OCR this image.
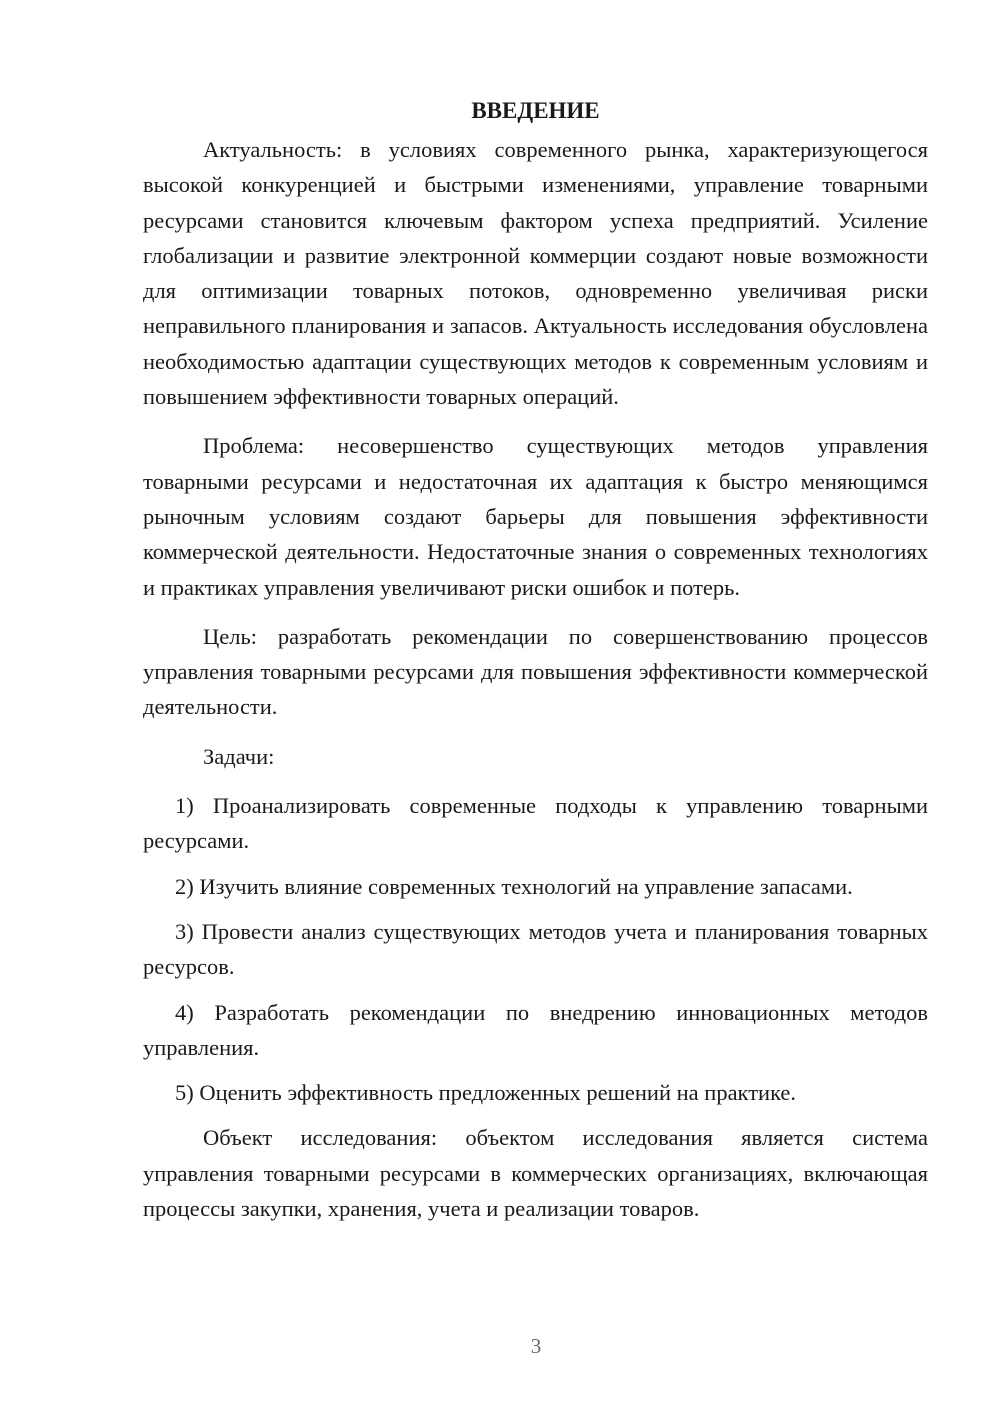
ВВЕДЕНИЕ

Актуальность: в условиях современного рынка, характеризующегося высокой конкуренцией и быстрыми изменениями, управление товарными ресурсами становится ключевым фактором успеха предприятий. Усиление глобализации и развитие электронной коммерции создают новые возможности для оптимизации товарных потоков, одновременно увеличивая риски неправильного планирования и запасов. Актуальность исследования обусловлена необходимостью адаптации существующих методов к современным условиям и повышением эффективности товарных операций.

Проблема: несовершенство существующих методов управления товарными ресурсами и недостаточная их адаптация к быстро меняющимся рыночным условиям создают барьеры для повышения эффективности коммерческой деятельности. Недостаточные знания о современных технологиях и практиках управления увеличивают риски ошибок и потерь.

Цель: разработать рекомендации по совершенствованию процессов управления товарными ресурсами для повышения эффективности коммерческой деятельности.

Задачи:

1) Проанализировать современные подходы к управлению товарными ресурсами.

2) Изучить влияние современных технологий на управление запасами.

3) Провести анализ существующих методов учета и планирования товарных ресурсов.

4) Разработать рекомендации по внедрению инновационных методов управления.

5) Оценить эффективность предложенных решений на практике.

Объект исследования: объектом исследования является система управления товарными ресурсами в коммерческих организациях, включающая процессы закупки, хранения, учета и реализации товаров.

3
